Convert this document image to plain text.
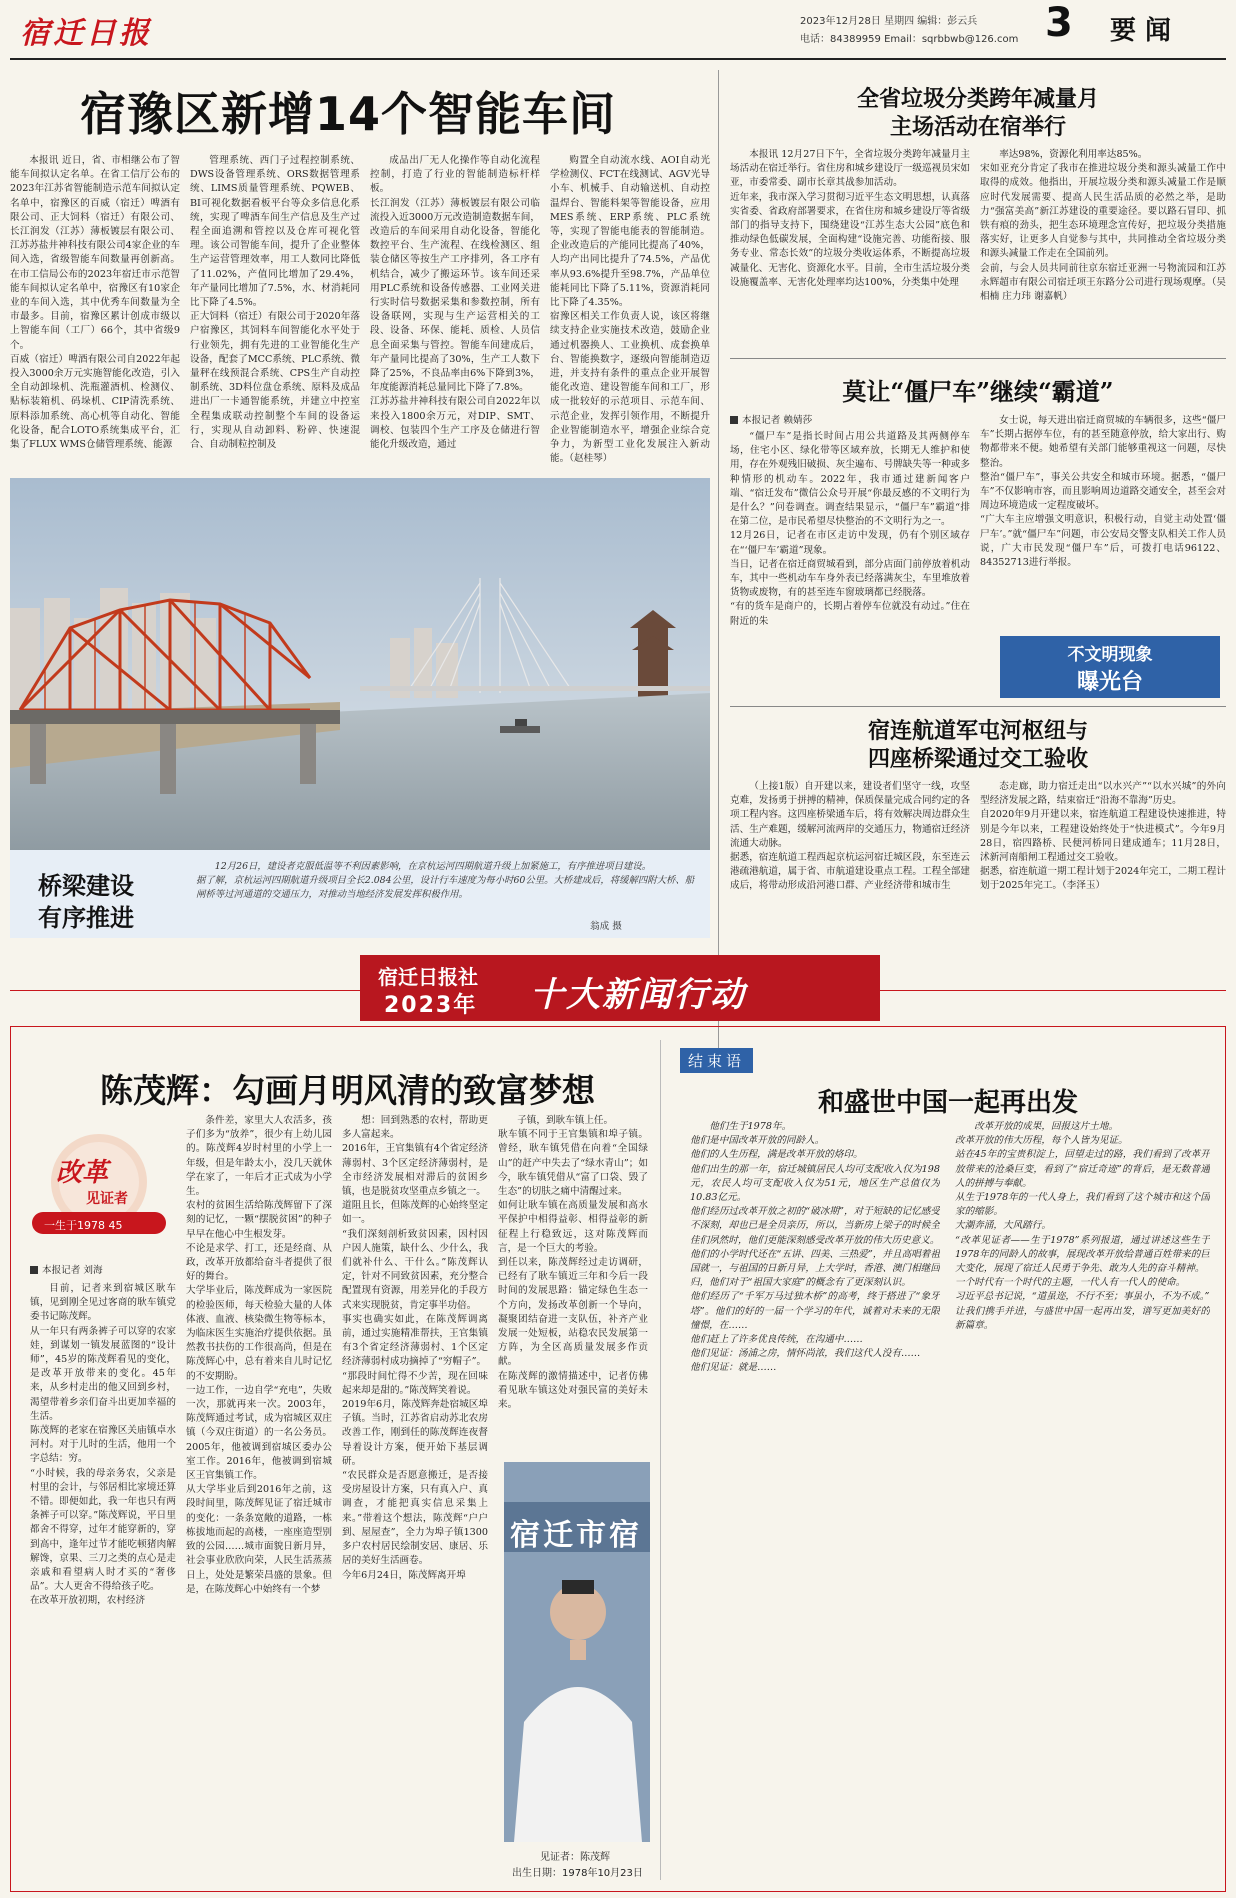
宿迁日报	2023年12月28日 星期四 编辑：彭云兵
电话：84389959 Email：sqrbbwb@126.com 3 要 闻
宿豫区新增14个智能车间

本报讯 近日，省、市相继公布了智能车间拟认定名单。在省工信厅公布的2023年江苏省智能制造示范车间拟认定名单中，宿豫区的百威（宿迁）啤酒有限公司、正大饲料（宿迁）有限公司、长江润发（江苏）薄板镀层有限公司、江苏苏盐井神科技有限公司4家企业的车间入选，省级智能车间数量再创新高。在市工信局公布的2023年宿迁市示范智能车间拟认定名单中，宿豫区有10家企业的车间入选，其中优秀车间数量为全市最多。目前，宿豫区累计创成市级以上智能车间（工厂）66个，其中省级9个。
百威（宿迁）啤酒有限公司自2022年起投入3000余万元实施智能化改造，引入全自动卸垛机、洗瓶灌酒机、检测仪、贴标装箱机、码垛机、CIP清洗系统、原料添加系统、高心机等自动化、智能化设备，配合LOTO系统集成平台，汇集了FLUX WMS仓储管理系统、能源

管理系统、西门子过程控制系统、DWS设备管理系统、ORS数据管理系统、LIMS质量管理系统、PQWEB、BI可视化数据看板平台等众多信息化系统，实现了啤酒车间生产信息及生产过程全面追溯和管控以及仓库可视化管理。该公司智能车间，提升了企业整体生产运营管理效率，用工人数同比降低了11.02%，产值同比增加了29.4%，年产量同比增加了7.5%，水、材消耗同比下降了4.5%。
正大饲料（宿迁）有限公司于2020年落户宿豫区，其饲料车间智能化水平处于行业领先，拥有先进的工业智能化生产设备，配套了MCC系统、PLC系统、微量秤在线预混合系统、CPS生产自动控制系统、3D料位盘仓系统、原料及成品进出厂一卡通智能系统，并建立中控室全程集成联动控制整个车间的设备运行，实现从自动卸料、粉碎、快速混合、自动制粒控制及

成品出厂无人化操作等自动化流程控制，打造了行业的智能制造标杆样板。
长江润发（江苏）薄板镀层有限公司临流投入近3000万元改造制造数据车间，改造后的车间采用自动化设备，智能化数控平台、生产流程、在线检测区、组装仓储区等按生产工序排列，各工序有机结合，减少了搬运环节。该车间还采用PLC系统和设备传感器、工业网关进行实时信号数据采集和参数控制，所有设备联网，实现与生产运营相关的工段、设备、环保、能耗、质检、人员信息全面采集与管控。智能车间建成后，年产量同比提高了30%，生产工人数下降了25%，不良品率由6%下降到3%，年度能源消耗总量同比下降了7.8%。
江苏苏盐井神科技有限公司自2022年以来投入1800余万元，对DIP、SMT、调校、包装四个生产工序及仓储进行智能化升级改造，通过

购置全自动流水线、AOI自动光学检测仪、FCT在线测试、AGV光导小车、机械手、自动输送机、自动控温焊台、智能料架等智能设备，应用MES系统、ERP系统、PLC系统等，实现了智能电能表的智能制造。企业改造后的产能同比提高了40%，人均产出同比提升了74.5%，产品优率从93.6%提升至98.7%，产品单位能耗同比下降了5.11%，资源消耗同比下降了4.35%。
宿豫区相关工作负责人说，该区将继续支持企业实施技术改造，鼓励企业通过机器换人、工业换机、成套换单台、智能换数字，逐级向智能制造迈进，并支持有条件的重点企业开展智能化改造、建设智能车间和工厂，形成一批较好的示范项目、示范车间、示范企业，发挥引领作用，不断提升企业智能制造水平，增强企业综合竞争力，为新型工业化发展注入新动能。（赵桂琴）

桥梁建设
有序推进
12月26日，建设者克服低温等不利因素影响，在京杭运河四期航道升级上加紧施工，有序推进项目建设。
据了解，京杭运河四期航道升级项目全长2.084公里，设计行车速度为每小时60公里。大桥建成后，将缓解四附大桥、船闸桥等过河通道的交通压力，对推动当地经济发展发挥积极作用。
翁成 摄
全省垃圾分类跨年减量月
主场活动在宿举行

本报讯 12月27日下午，全省垃圾分类跨年减量月主场活动在宿迁举行。省住房和城乡建设厅一级巡视员宋如亚，市委常委、副市长章其战参加活动。
近年来，我市深入学习贯彻习近平生态文明思想，认真落实省委、省政府部署要求，在省住房和城乡建设厅等省级部门的指导支持下，围绕建设“江苏生态大公园”底色和推动绿色低碳发展，全面构建“设施完善、功能衔接、服务专业、常态长效”的垃圾分类收运体系，不断提高垃圾减量化、无害化、资源化水平。目前，全市生活垃圾分类设施覆盖率、无害化处理率均达100%，分类集中处理

率达98%，资源化利用率达85%。
宋如亚充分肯定了我市在推进垃圾分类和源头减量工作中取得的成效。他指出，开展垃圾分类和源头减量工作是顺应时代发展需要、提高人民生活品质的必然之举，是助力“强富美高”新江苏建设的重要途径。要以路石冒印、抓铁有痕的劲头，把生态环境理念宣传好，把垃圾分类措施落实好，让更多人自觉参与其中，共同推动全省垃圾分类和源头减量工作走在全国前列。
会前，与会人员共同前往京东宿迁亚洲一号物流园和江苏永辉超市有限公司宿迁项王东路分公司进行现场观摩。（吴相楠 庄力玮 谢嘉帆）

莫让“僵尸车”继续“霸道”
本报记者 赖婧莎

“僵尸车”是指长时间占用公共道路及其两侧停车场，住宅小区、绿化带等区域弃放，长期无人维护和使用，存在外观残旧破损、灰尘遍布、号牌缺失等一种或多种情形的机动车。2022年，我市通过建新闻客户端、“宿迁发布”微信公众号开展“你最反感的不文明行为是什么？”问卷调查。调查结果显示，“僵尸车”霸道“排在第二位，是市民希望尽快整治的不文明行为之一。
12月26日，记者在市区走访中发现，仍有个别区域存在“‘僵尸车’霸道”现象。
当日，记者在宿迁商贸城看到，部分店面门前停放着机动车，其中一些机动车车身外表已经落满灰尘，车里堆放着货物或废物，有的甚至连车窗玻璃都已经脱落。
“有的货车是商户的，长期占着停车位就没有动过。”住在附近的朱

女士说，每天进出宿迁商贸城的车辆很多，这些“僵尸车”长期占据停车位，有的甚至随意停放，给大家出行、购物都带来不便。她希望有关部门能够重视这一问题，尽快整治。
整治“僵尸车”，事关公共安全和城市环境。据悉，“僵尸车”不仅影响市容，而且影响周边道路交通安全，甚至会对周边环境造成一定程度破坏。
“广大车主应增强文明意识，积极行动，自觉主动处置‘僵尸车’。”就“僵尸车”问题，市公安局交警支队相关工作人员说，广大市民发现“僵尸车”后，可拨打电话96122、84352713进行举报。

不文明现象
曝光台
宿连航道军屯河枢纽与
四座桥梁通过交工验收

（上接1版）自开建以来，建设者们坚守一线，攻坚克难，发扬勇于拼搏的精神，保质保量完成合同约定的各项工程内容。这四座桥梁通车后，将有效解决周边群众生活、生产难题，缓解河流两岸的交通压力，物通宿迁经济流通大动脉。
据悉，宿连航道工程西起京杭运河宿迁城区段，东至连云港疏港航道，属于省、市航道建设重点工程。工程全部建成后，将带动形成沿河港口群、产业经济带和城市生

态走廊，助力宿迁走出“以水兴产”“以水兴城”的外向型经济发展之路，结束宿迁“沿海不靠海”历史。
自2020年9月开建以来，宿连航道工程建设快速推进，特别是今年以来，工程建设始终处于“快进模式”。今年9月28日，宿四路桥、民便河桥同日建成通车；11月28日，沭新河南船闸工程通过交工验收。
据悉，宿连航道一期工程计划于2024年完工，二期工程计划于2025年完工。（李泽玉）

宿迁日报社
2023年 十大新闻行动
陈茂辉：勾画月明风清的致富梦想
改革
见证者
一生于1978 45
本报记者 刘海

目前，记者来到宿城区耿车镇，见到刚全见过客商的耿车镇党委书记陈茂辉。
从一年只有两条裤子可以穿的农家娃，到谋划一镇发展蓝图的“设计师”，45岁的陈茂辉看见的变化，是改革开放带来的变化。45年来，从乡村走出的他又回到乡村，渴望带着乡亲们奋斗出更加幸福的生活。
陈茂辉的老家在宿豫区关庙镇卓水河村。对于儿时的生活，他用一个字总结：穷。
“小时候，我的母亲务农，父亲是村里的会计，与邻居相比家境还算不错。即便如此，我一年也只有两条裤子可以穿。”陈茂辉说，平日里都舍不得穿，过年才能穿新的，穿到高中，逢年过节才能吃顿猪肉解解馋，京果、三刀之类的点心是走亲戚和看望病人时才买的“奢侈品”。大人更舍不得给孩子吃。
在改革开放初期，农村经济

条件差，家里大人农活多，孩子们多为“放养”，很少有上幼儿园的。陈茂辉4岁时村里的小学上一年级，但是年龄太小，没几天就休学在家了，一年后才正式成为小学生。
农村的贫困生活给陈茂辉留下了深刻的记忆，一颗“摆脱贫困”的种子早早在他心中生根发芽。
不论是求学、打工，还是经商、从政，改革开放都给奋斗者提供了很好的舞台。
大学毕业后，陈茂辉成为一家医院的检验医师，每天检验大量的人体体液、血液、核染微生物等标本，为临床医生实施治疗提供依据。虽然教书扶伤的工作很高尚，但是在陈茂辉心中，总有着来自儿时记忆的不安期盼。
一边工作，一边自学“充电”，失败一次，那就再来一次。2003年，陈茂辉通过考试，成为宿城区双庄镇（今双庄街道）的一名公务员。2005年，他被调到宿城区委办公室工作。2016年，他被调到宿城区王官集镇工作。
从大学毕业后到2016年之前，这段时间里，陈茂辉见证了宿迁城市的变化：一条条宽敞的道路，一栋栋拔地而起的高楼，一座座造型别致的公园……城市面貌日新月异，社会事业欣欣向荣，人民生活蒸蒸日上，处处是繁荣昌盛的景象。但是，在陈茂辉心中始终有一个梦

想：回到熟悉的农村，帮助更多人富起来。
2016年，王官集镇有4个省定经济薄弱村、3个区定经济薄弱村，是全市经济发展相对滞后的贫困乡镇，也是脱贫攻坚重点乡镇之一。
道阻且长，但陈茂辉的心始终坚定如一。
“我们深刻剖析致贫因素，因村因户因人施策，缺什么、少什么，我们就补什么、干什么。”陈茂辉认定，针对不同致贫因素，充分整合配置现有资源，用差异化的手段方式来实现脱贫，肯定事半功倍。
事实也确实如此，在陈茂辉调离前，通过实施精准帮扶，王官集镇有3个省定经济薄弱村、1个区定经济薄弱村成功摘掉了“穷帽子”。
“那段时间忙得不少苦，现在回味起来却是甜的。”陈茂辉笑着说。
2019年6月，陈茂辉奔赴宿城区埠子镇。当时，江苏省启动苏北农房改善工作，刚到任的陈茂辉连夜督导着设计方案，便开始下基层调研。
“农民群众是否愿意搬迁，是否接受房屋设计方案，只有真入户、真调查，才能把真实信息采集上来。”带着这个想法，陈茂辉“户户到、屋屋查”，全力为埠子镇1300多户农村居民绘制安居、康居、乐居的美好生活画卷。
今年6月24日，陈茂辉离开埠

子镇，到耿车镇上任。
耿车镇不同于王官集镇和埠子镇。曾经，耿车镇凭借在向着“全国绿山”的赶产中失去了“绿水青山”；如今，耿车镇凭借从“富了口袋、毁了生态”的切肤之痛中清醒过来。
如何让耿车镇在高质量发展和高水平保护中相得益彰、相得益彰的新征程上行稳致远，这对陈茂辉而言，是一个巨大的考验。
到任以来，陈茂辉经过走访调研，已经有了耿车镇近三年和今后一段时间的发展思路：锚定绿色生态一个方向，发扬改革创新一个导向，凝聚团结奋进一支队伍，补齐产业发展一处短板，站稳农民发展第一方阵，为全区高质量发展多作贡献。
在陈茂辉的激情描述中，记者仿佛看见耿车镇这处对强民富的美好未来。

宿迁市宿
见证者：陈茂辉
出生日期：1978年10月23日
结束语
和盛世中国一起再出发

他们生于1978年。
他们是中国改革开放的同龄人。
他们的人生历程，满是改革开放的烙印。
他们出生的那一年，宿迁城镇居民人均可支配收入仅为198元，农民人均可支配收入仅为51元，地区生产总值仅为10.83亿元。
他们经历过改革开放之初的“破冰期”，对于短缺的记忆感受不深刻，却也已是全员亲历，所以，当新房上梁子的时候全佳们夙然时，他们更能深刻感受改革开放的伟大历史意义。
他们的小学时代还在“五讲、四美、三热爱”，并且高唱着祖国就一，与祖国的日新月异，上大学时，香港、澳门相继回归，他们对于“祖国大家庭”的概念有了更深刻认识。
他们经历了“千军万马过独木桥”的高考，终于搭进了“象牙塔”。他们的好的一届一个学习的年代，诚着对未来的无限憧憬，在……
他们赶上了许多优良传统，在沟通中……
他们见证：汤浦之房，情怀尚浓，我们这代人没有……
他们见证：就是……

改革开放的成果，回报这片土地。
改革开放的伟大历程，每个人皆为见证。
站在45年的宝贵积淀上，回望走过的路，我们看到了改革开放带来的沧桑巨变，看到了“宿迁奇迹”的背后，是无数普通人的拼搏与奉献。
从生于1978年的一代人身上，我们看到了这个城市和这个国家的缩影。
大潮奔涌，大风踏行。
“改革见证者——生于1978”系列报道，通过讲述这些生于1978年的同龄人的故事，展现改革开放给普通百姓带来的巨大变化，展现了宿迁人民勇于争先、敢为人先的奋斗精神。
一个时代有一个时代的主题，一代人有一代人的使命。
习近平总书记说，“道虽迩，不行不至；事虽小，不为不成。”
让我们携手并进，与盛世中国一起再出发，谱写更加美好的新篇章。
